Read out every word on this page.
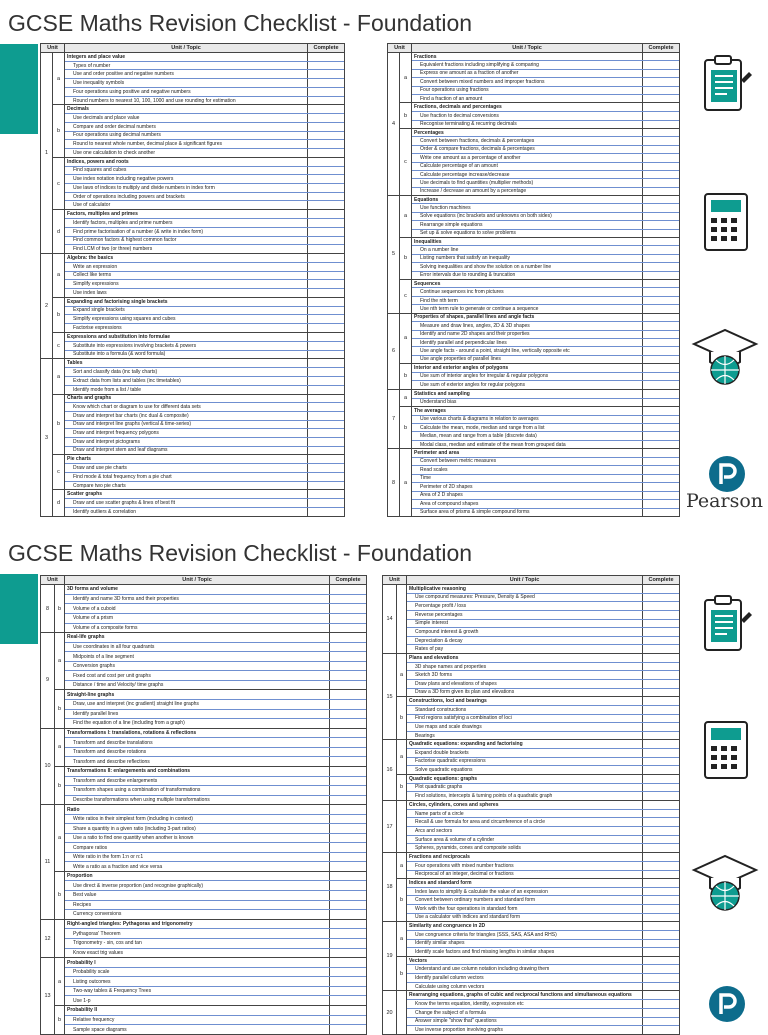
GCSE Maths Revision Checklist - Foundation
Unit	Unit / Topic	Complete
1
a
Integers and place value
Types of number
Use and order positive and negative numbers
Use inequality symbols
Four operations using positive and negative numbers
Round numbers to nearest 10, 100, 1000 and use rounding for estimation
b
Decimals
Use decimals and place value
Compare and order decimal numbers
Four operations using decimal numbers
Round to nearest whole number, decimal place & significant figures
Use one calculation to check another
c
Indices, powers and roots
Find squares and cubes
Use index notation including negative powers
Use laws of indices to multiply and divide numbers in index form
Order of operations including powers and brackets
Use of calculator
d
Factors, multiples and primes
Identify factors, multiples and prime numbers
Find prime factorisation of a number (& write in index form)
Find common factors & highest common factor
Find LCM of two (or three) numbers
2
a
Algebra: the basics
Write an expression
Collect like terms
Simplify expressions
Use index laws
b
Expanding and factorising single brackets
Expand single brackets
Simplify expressions using squares and cubes
Factorise expressions
c
Expressions and substitution into formulae
Substitute into expressions involving brackets & powers
Substitute into a formula (& word formula)
3
a
Tables
Sort and classify data (inc tally charts)
Extract data from lists and tables (inc timetables)
Identify mode from a list / table
b
Charts and graphs
Know which chart or diagram to use for different data sets
Draw and interpret bar charts (inc dual & composite)
Draw and interpret line graphs (vertical & time-series)
Draw and interpret frequency polygons
Draw and interpret pictograms
Draw and interpret stem and leaf diagrams
c
Pie charts
Draw and use pie charts
Find mode & total frequency from a pie chart
Compare two pie charts
d
Scatter graphs
Draw and use scatter graphs & lines of best fit
Identify outliers & correlation
Unit	Unit / Topic	Complete
4
a
Fractions
Equivalent fractions including simplifying & comparing
Express one amount as a fraction of another
Convert between mixed numbers and improper fractions
Four operations using fractions
Find a fraction of an amount
b
Fractions, decimals and percentages
Use fraction to decimal conversions
Recognise terminating & recurring decimals
c
Percentages
Convert between fractions, decimals & percentages
Order & compare fractions, decimals & percentages
Write one amount as a percentage of another
Calculate percentage of an amount
Calculate percentage increase/decrease
Use decimals to find quantities (multiplier methods)
Increase / decrease an amount by a percentage
5
a
Equations
Use function machines
Solve equations (inc brackets and unknowns on both sides)
Rearrange simple equations
Set up & solve equations to solve problems
b
Inequalities
On a number line
Listing numbers that satisfy an inequality
Solving inequalities and show the solution on a number line
Error intervals due to rounding & truncation
c
Sequences
Continue sequences inc from pictures
Find the nth term
Use nth term rule to generate or continue a sequence
6
a
Properties of shapes, parallel lines and angle facts
Measure and draw lines, angles, 2D & 3D shapes
Identify and name 2D shapes and their properties
Identify parallel and perpendicular lines
Use angle facts - around a point, straight line, vertically opposite etc
Use angle properties of parallel lines
b
Interior and exterior angles of polygons
Use sum of interior angles for irregular & regular polygons
Use sum of exterior angles for regular polygons
7
a
Statistics and sampling
Understand bias
b
The averages
Use various charts & diagrams in relation to averages
Calculate the mean, mode, median and range from a list
Median, mean and range from a table (discrete data)
Modal class, median and estimate of the mean from grouped data
8	a
Perimeter and area
Convert between metric measures
Read scales
Time
Perimeter of 2D shapes
Area of 2 D shapes
Area of compound shapes
Surface area of prisms & simple compound forms
Pearson
GCSE Maths Revision Checklist - Foundation
Unit	Unit / Topic	Complete
8	b
3D forms and volume
Identify and name 3D forms and their properties
Volume of a cuboid
Volume of a prism
Volume of a composite forms
9
a
Real-life graphs
Use coordinates in all four quadrants
Midpoints of a line segment
Conversion graphs
Fixed cost and cost per unit graphs
Distance / time and Velocity/ time graphs
b
Straight-line graphs
Draw, use and interpret (inc gradient) straight line graphs
Identify parallel lines
Find the equation of a line (including from a graph)
10
a
Transformations I: translations, rotations & reflections
Transform and describe translations
Transform and describe rotations
Transform and describe reflections
b
Transformations II: enlargements and combinations
Transform and describe enlargements
Transform shapes using a combination of transformations
Describe transformations when using multiple transformations
11
a
Ratio
Write ratios in their simplest form (including in context)
Share a quantity in a given ratio (including 3-part ratios)
Use a ratio to find one quantity when another is known
Compare ratios
Write ratio in the form 1:n or n:1
Write a ratio as a fraction and vice versa
b
Proportion
Use direct & inverse proportion (and recognise graphically)
Best value
Recipes
Currency conversions
12
Right-angled triangles: Pythagoras and trigonometry
Pythagoras' Theorem
Trigonometry - sin, cos and tan
Know exact trig values
13
a
Probability I
Probability scale
Listing outcomes
Two-way tables & Frequency Trees
Use 1-p
b
Probability II
Relative frequency
Sample space diagrams
Unit	Unit / Topic	Complete
14
Multiplicative reasoning
Use compound measures: Pressure, Density & Speed
Percentage profit / loss
Reverse percentages
Simple interest
Compound interest & growth
Depreciation & decay
Rates of pay
15
a
Plans and elevations
3D shape names and properties
Sketch 3D forms
Draw plans and elevations of shapes
Draw a 3D form given its plan and elevations
b
Constructions, loci and bearings
Standard constructions
Find regions satisfying a combination of loci
Use maps and scale drawings
Bearings
16
a
Quadratic equations: expanding and factorising
Expand double brackets
Factorise quadratic expressions
Solve quadratic equations
b
Quadratic equations: graphs
Plot quadratic graphs
Find solutions, intercepts & turning points of a quadratic graph
17
Circles, cylinders, cones and spheres
Name parts of a circle
Recall & use formula for area and circumference of a circle
Arcs and sectors
Surface area & volume of a cylinder
Spheres, pyramids, cones and composite solids
18
a
Fractions and reciprocals
Four operations with mixed number fractions
Reciprocal of an integer, decimal or fractions
b
Indices and standard form
Index laws to simplify & calculate the value of an expression
Convert between ordinary numbers and standard form
Work with the four operations in standard form
Use a calculator with indices and standard form
19
a
Similarity and congruence in 2D
Use congruence criteria for triangles (SSS, SAS, ASA and RHS)
Identify similar shapes
Identify scale factors and find missing lengths in similar shapes
b
Vectors
Understand and use column notation including drawing them
Identify parallel column vectors
Calculate using column vectors
20
Rearranging equations, graphs of cubic and reciprocal functions and simultaneous equations
Know the terms equation, identity, expression etc
Change the subject of a formula
Answer simple "show that" questions
Use inverse proportion involving graphs
